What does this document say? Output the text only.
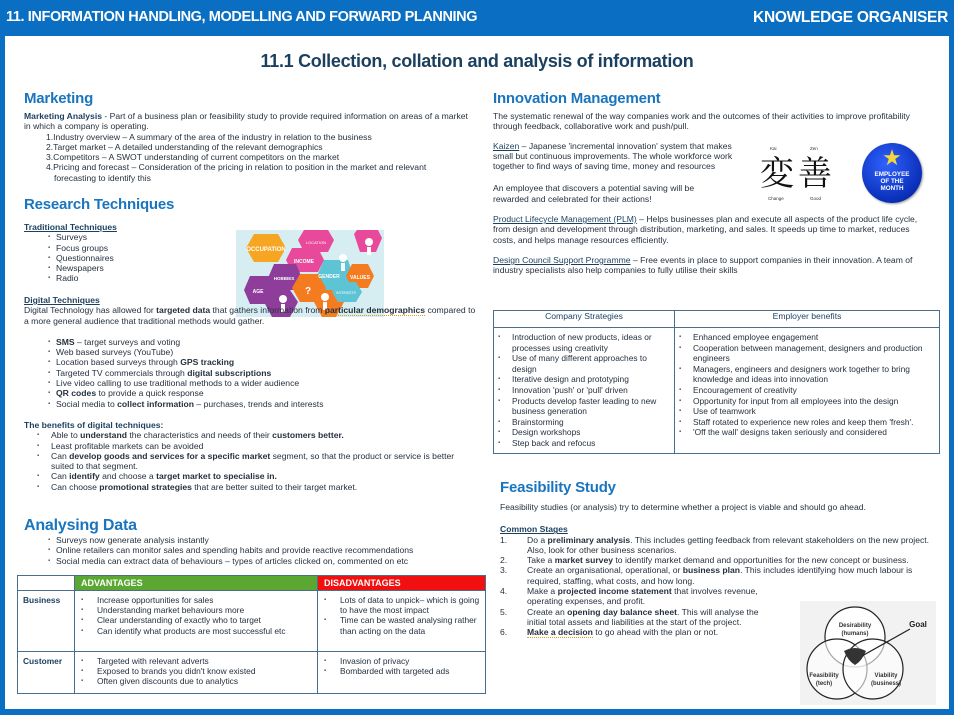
11. INFORMATION HANDLING, MODELLING AND FORWARD PLANNING	KNOWLEDGE ORGANISER
11.1 Collection, collation and analysis of information
Marketing

Marketing Analysis - Part of a business plan or feasibility study to provide required information on areas of a market in which a company is operating.

1.Industry overview – A summary of the area of the industry in relation to the business
2.Target market – A detailed understanding of the relevant demographics
3.Competitors – A SWOT understanding of current competitors on the market
4.Pricing and forecast – Consideration of the pricing in relation to position in the market and relevant forecasting to identify this
Research Techniques

Traditional Techniques

▪ Surveys
▪ Focus groups
▪ Questionnaires
▪ Newspapers
▪ Radio
OCCUPATION
LOCATION
INCOME
HOBBIES	GENDER VALUES
AGE	?	INTERESTS

Digital Techniques

Digital Technology has allowed for targeted data that gathers information from particular demographics compared to a more general audience that traditional methods would gather.

▪ SMS – target surveys and voting
▪ Web based surveys (YouTube)
▪ Location based surveys through GPS tracking
▪ Targeted TV commercials through digital subscriptions
▪ Live video calling to use traditional methods to a wider audience
▪ QR codes to provide a quick response
▪ Social media to collect information – purchases, trends and interests

The benefits of digital techniques:

▪ Able to understand the characteristics and needs of their customers better.
▪ Least profitable markets can be avoided
▪ Can develop goods and services for a specific market segment, so that the product or service is better suited to that segment.
▪ Can identify and choose a target market to specialise in.
▪ Can choose promotional strategies that are better suited to their target market.
Analysing Data
▪ Surveys now generate analysis instantly
▪ Online retailers can monitor sales and spending habits and provide reactive recommendations
▪ Social media can extract data of behaviours – types of articles clicked on, commented on etc
	ADVANTAGES	DISADVANTAGES
Business	
▪Increase opportunities for sales
▪ Understanding market behaviours more
▪ Clear understanding of exactly who to target
▪ Can identify what products are most successful etc

▪ Lots of data to unpick– which is going to have the most impact
▪ Time can be wasted analysing rather than acting on the data

Customer	
▪Targeted with relevant adverts
▪ Exposed to brands you didn't know existed
▪ Often given discounts due to analytics

▪ Invasion of privacy
▪ Bombarded with targeted ads
Innovation Management

The systematic renewal of the way companies work and the outcomes of their activities to improve profitability through feedback, collaborative work and push/pull.

Kaizen – Japanese 'incremental innovation' system that makes small but continuous improvements. The whole workforce work together to find ways of saving time, money and resources

An employee that discovers a potential saving will be rewarded and celebrated for their actions!

Product Lifecycle Management (PLM) – Helps businesses plan and execute all aspects of the product life cycle, from design and development through distribution, marketing, and sales. It speeds up time to market, reduces costs, and helps manage resources efficiently.

Design Council Support Programme – Free events in place to support companies in their innovation. A team of industry specialists also help companies to fully utilise their skills

Kai	Zen
変 善
Change	Good
★
EMPLOYEE
OF THE
MONTH
Company Strategies	Employer benefits

▪ Introduction of new products, ideas or processes using creativity
▪ Use of many different approaches to design
▪ Iterative design and prototyping
▪ Innovation 'push' or 'pull' driven
▪ Products develop faster leading to new business generation
▪ Brainstorming
▪ Design workshops
▪ Step back and refocus

▪ Enhanced employee engagement
▪ Cooperation between management, designers and production engineers
▪ Managers, engineers and designers work together to bring knowledge and ideas into innovation
▪ Encouragement of creativity
▪ Opportunity for input from all employees into the design
▪ Use of teamwork
▪ Staff rotated to experience new roles and keep them 'fresh'.
▪ 'Off the wall' designs taken seriously and considered
Feasibility Study

Feasibility studies (or analysis) try to determine whether a project is viable and should go ahead.

Common Stages

1.	Do a preliminary analysis. This includes getting feedback from relevant stakeholders on the new project. Also, look for other business scenarios.
2.	Take a market survey to identify market demand and opportunities for the new concept or business.
3.	Create an organisational, operational, or business plan. This includes identifying how much labour is required, staffing, what costs, and how long.
4.	Make a projected income statement that involves revenue, operating expenses, and profit.
5.	Create an opening day balance sheet. This will analyse the initial total assets and liabilities at the start of the project.
6.	Make a decision to go ahead with the plan or not.
Desirability
(humans)
Feasibility
(tech)
Viability
(business)
Goal
